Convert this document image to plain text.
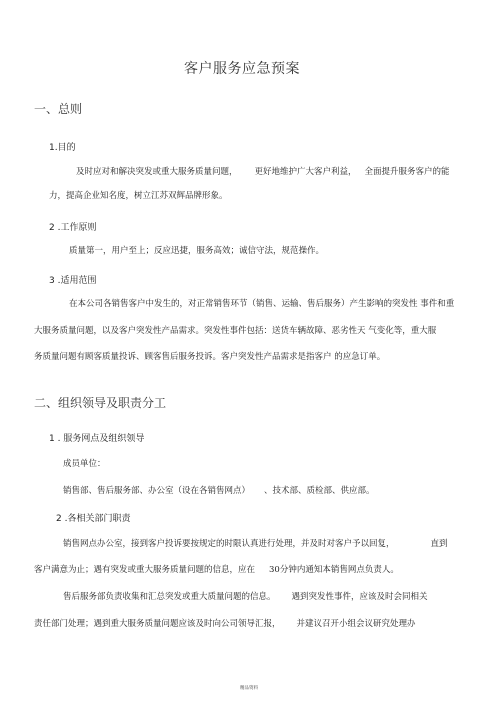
客户服务应急预案
一、总则
1.目的
及时应对和解决突发或重大服务质量问题， 更好地维护广大客户利益， 全面提升服务客户的能
力，提高企业知名度，树立江苏双辉品牌形象。
2 .工作原则
质量第一，用户至上；反应迅捷，服务高效；诚信守法，规范操作。
3 .适用范围
在本公司各销售客户中发生的，对正常销售环节（销售、运输、售后服务）产生影响的突发性 事件和重
大服务质量问题，以及客户突发性产品需求。突发性事件包括：送货车辆故障、恶劣性天 气变化等，重大服
务质量问题有顾客质量投诉、顾客售后服务投诉。客户突发性产品需求是指客户 的应急订单。
二、组织领导及职责分工
1 . 服务网点及组织领导
成员单位：
销售部、售后服务部、办公室（设在各销售网点） 、技术部、质检部、供应部。
2 .各相关部门职责
销售网点办公室，接到客户投诉要按规定的时限认真进行处理，并及时对客户予以回复，	直到
客户满意为止；遇有突发或重大服务质量问题的信息，应在 30分钟内通知本销售网点负责人。
售后服务部负责收集和汇总突发或重大质量问题的信息。 遇到突发性事件，应该及时会同相关
责任部门处理；遇到重大服务质量问题应该及时向公司领导汇报， 并建议召开小组会议研究处理办
精品资料
